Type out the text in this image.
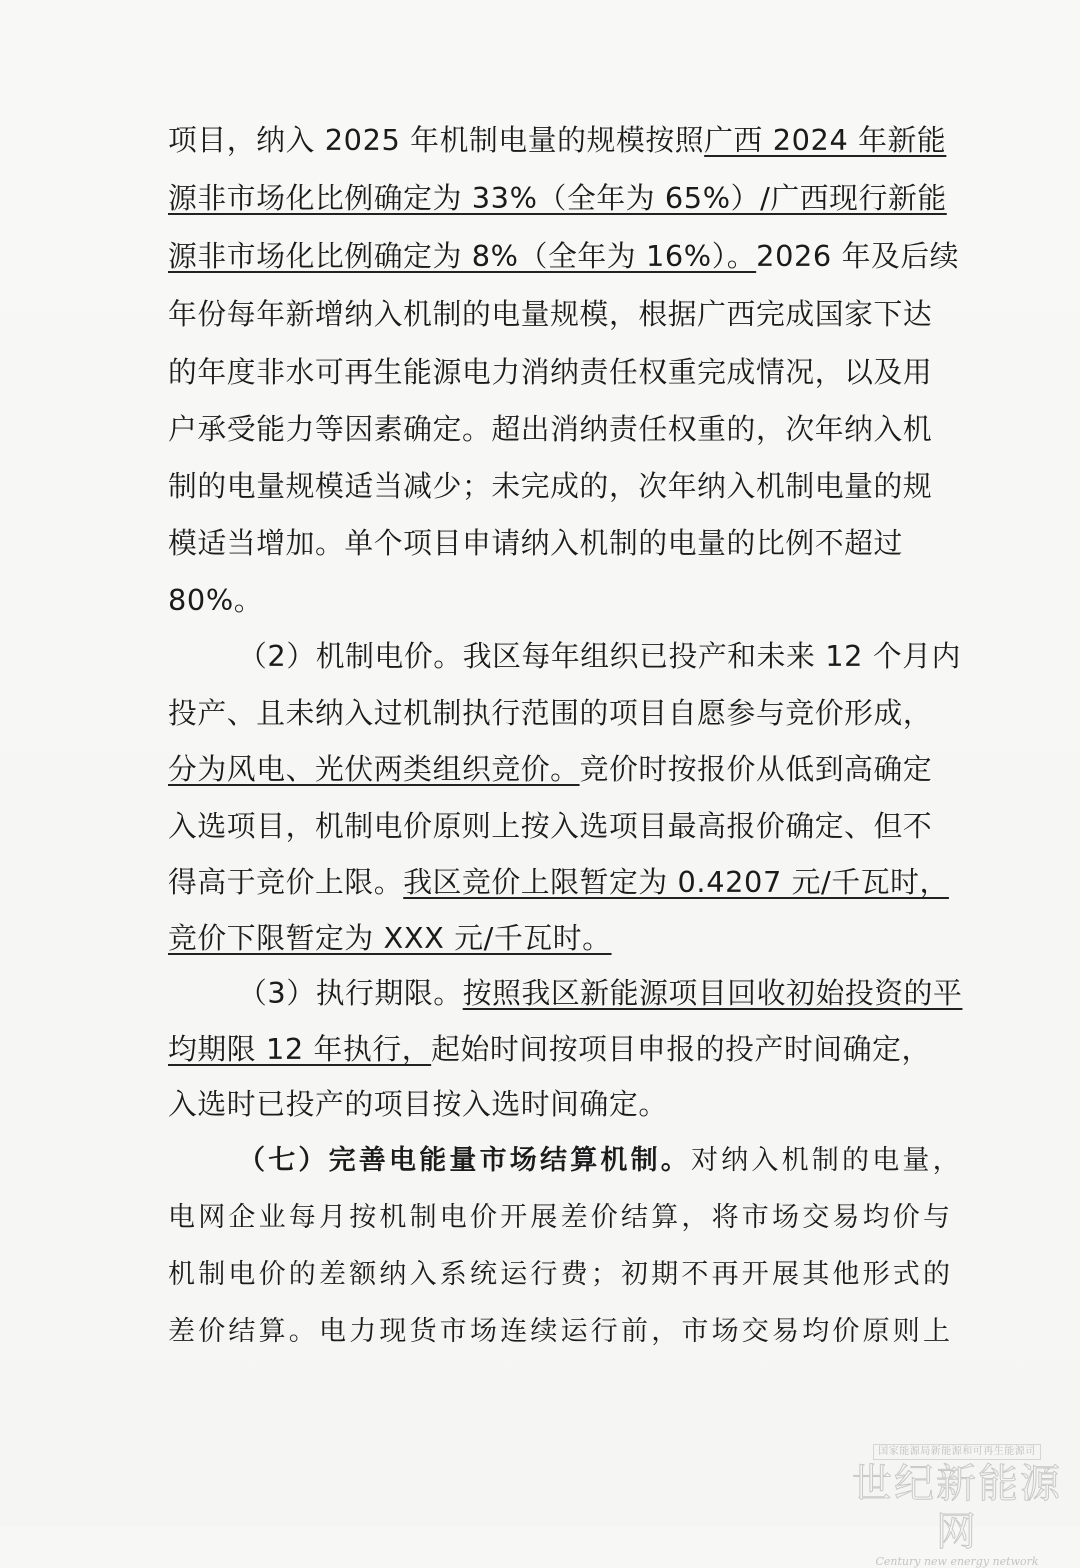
项目，纳入 2025 年机制电量的规模按照广西 2024 年新能
源非市场化比例确定为 33%（全年为 65%）/广西现行新能
源非市场化比例确定为 8%（全年为 16%）。2026 年及后续
年份每年新增纳入机制的电量规模，根据广西完成国家下达
的年度非水可再生能源电力消纳责任权重完成情况，以及用
户承受能力等因素确定。超出消纳责任权重的，次年纳入机
制的电量规模适当减少；未完成的，次年纳入机制电量的规
模适当增加。单个项目申请纳入机制的电量的比例不超过
80%。
（2）机制电价。我区每年组织已投产和未来 12 个月内
投产、且未纳入过机制执行范围的项目自愿参与竞价形成，
分为风电、光伏两类组织竞价。竞价时按报价从低到高确定
入选项目，机制电价原则上按入选项目最高报价确定、但不
得高于竞价上限。我区竞价上限暂定为 0.4207 元/千瓦时，
竞价下限暂定为 XXX 元/千瓦时。
（3）执行期限。按照我区新能源项目回收初始投资的平
均期限 12 年执行，起始时间按项目申报的投产时间确定，
入选时已投产的项目按入选时间确定。
（七）完善电能量市场结算机制。对纳入机制的电量，
电网企业每月按机制电价开展差价结算，将市场交易均价与
机制电价的差额纳入系统运行费；初期不再开展其他形式的
差价结算。电力现货市场连续运行前，市场交易均价原则上
国家能源局新能源和可再生能源司
世纪新能源网
Century new energy network
